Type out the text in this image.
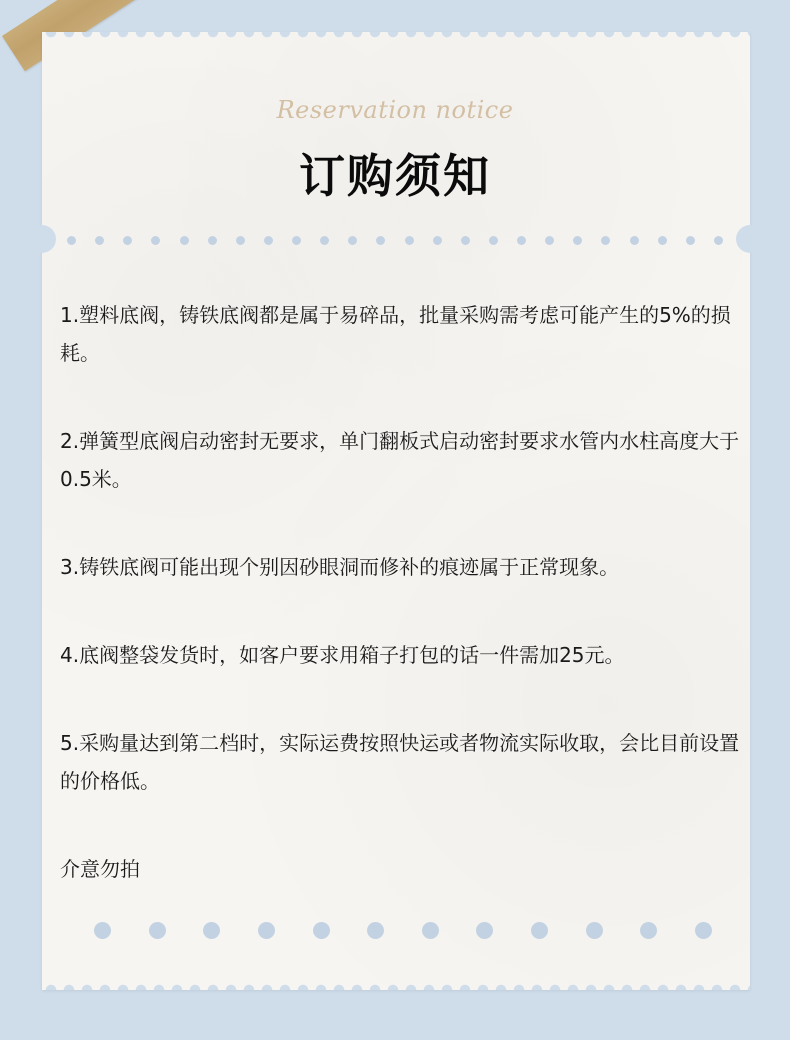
Reservation notice
订购须知

1.塑料底阀，铸铁底阀都是属于易碎品，批量采购需考虑可能产生的5%的损耗。

2.弹簧型底阀启动密封无要求，单门翻板式启动密封要求水管内水柱高度大于0.5米。

3.铸铁底阀可能出现个别因砂眼洞而修补的痕迹属于正常现象。

4.底阀整袋发货时，如客户要求用箱子打包的话一件需加25元。

5.采购量达到第二档时，实际运费按照快运或者物流实际收取，会比目前设置的价格低。

介意勿拍
